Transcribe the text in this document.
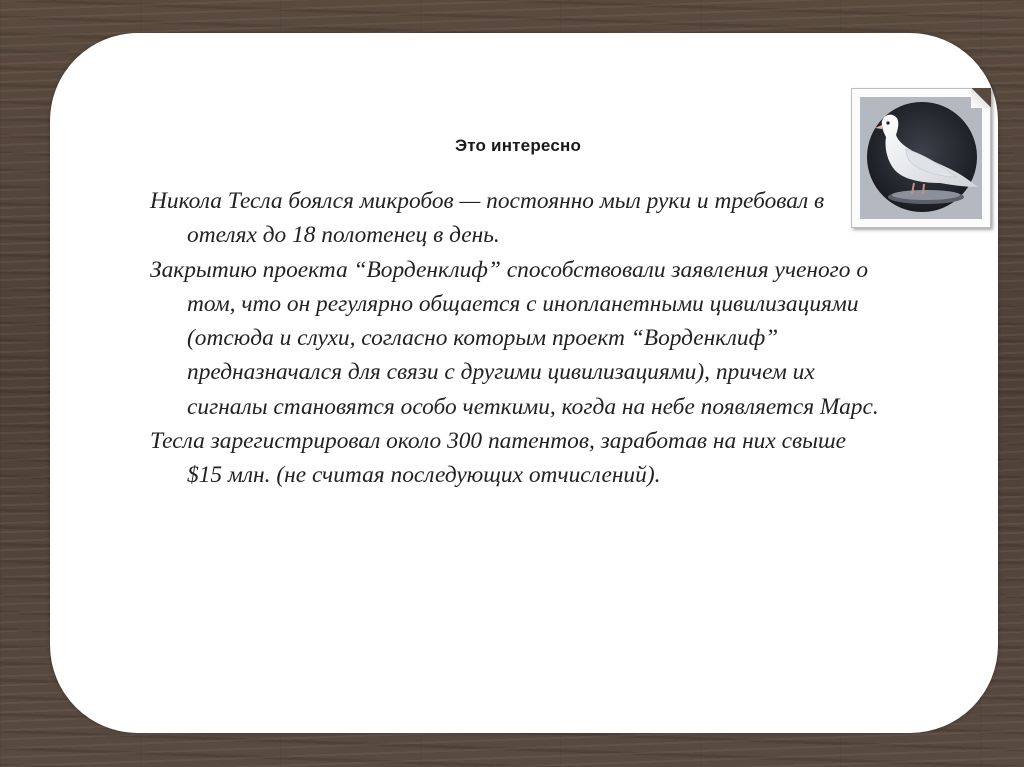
Это интересно

Никола Тесла боялся микробов — постоянно мыл руки и требовал в отелях до 18 полотенец в день.

Закрытию проекта “Ворденклиф” способствовали заявления ученого о том, что он регулярно общается с инопланетными цивилизациями (отсюда и слухи, согласно которым проект “Ворденклиф” предназначался для связи с другими цивилизациями), причем их сигналы становятся особо четкими, когда на небе появляется Марс.

Тесла зарегистрировал около 300 патентов, заработав на них свыше $15 млн. (не считая последующих отчислений).
